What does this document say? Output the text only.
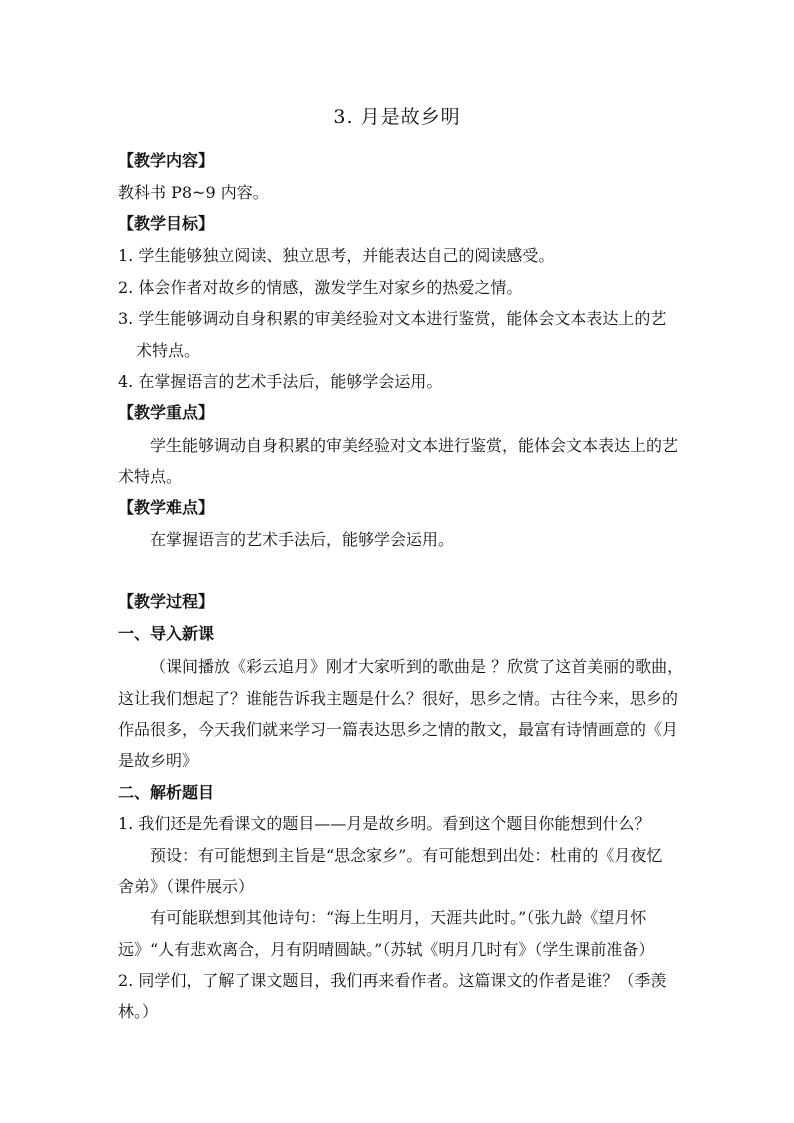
3. 月是故乡明
【教学内容】
教科书 P8~9 内容。
【教学目标】
1. 学生能够独立阅读、独立思考，并能表达自己的阅读感受。
2. 体会作者对故乡的情感，激发学生对家乡的热爱之情。
3. 学生能够调动自身积累的审美经验对文本进行鉴赏，能体会文本表达上的艺
术特点。
4. 在掌握语言的艺术手法后，能够学会运用。
【教学重点】
学生能够调动自身积累的审美经验对文本进行鉴赏，能体会文本表达上的艺
术特点。
【教学难点】
在掌握语言的艺术手法后，能够学会运用。
【教学过程】
一、导入新课
（课间播放《彩云追月》刚才大家听到的歌曲是 ？欣赏了这首美丽的歌曲，
这让我们想起了？谁能告诉我主题是什么？很好，思乡之情。古往今来，思乡的
作品很多，今天我们就来学习一篇表达思乡之情的散文，最富有诗情画意的《月
是故乡明》
二、解析题目
1. 我们还是先看课文的题目——月是故乡明。看到这个题目你能想到什么？
预设：有可能想到主旨是“思念家乡”。有可能想到出处：杜甫的《月夜忆
舍弟》（课件展示）
有可能联想到其他诗句：“海上生明月，天涯共此时。”（张九龄《望月怀
远》“人有悲欢离合，月有阴晴圆缺。”（苏轼《明月几时有》（学生课前准备）
2. 同学们，了解了课文题目，我们再来看作者。这篇课文的作者是谁？（季羡
林。）
